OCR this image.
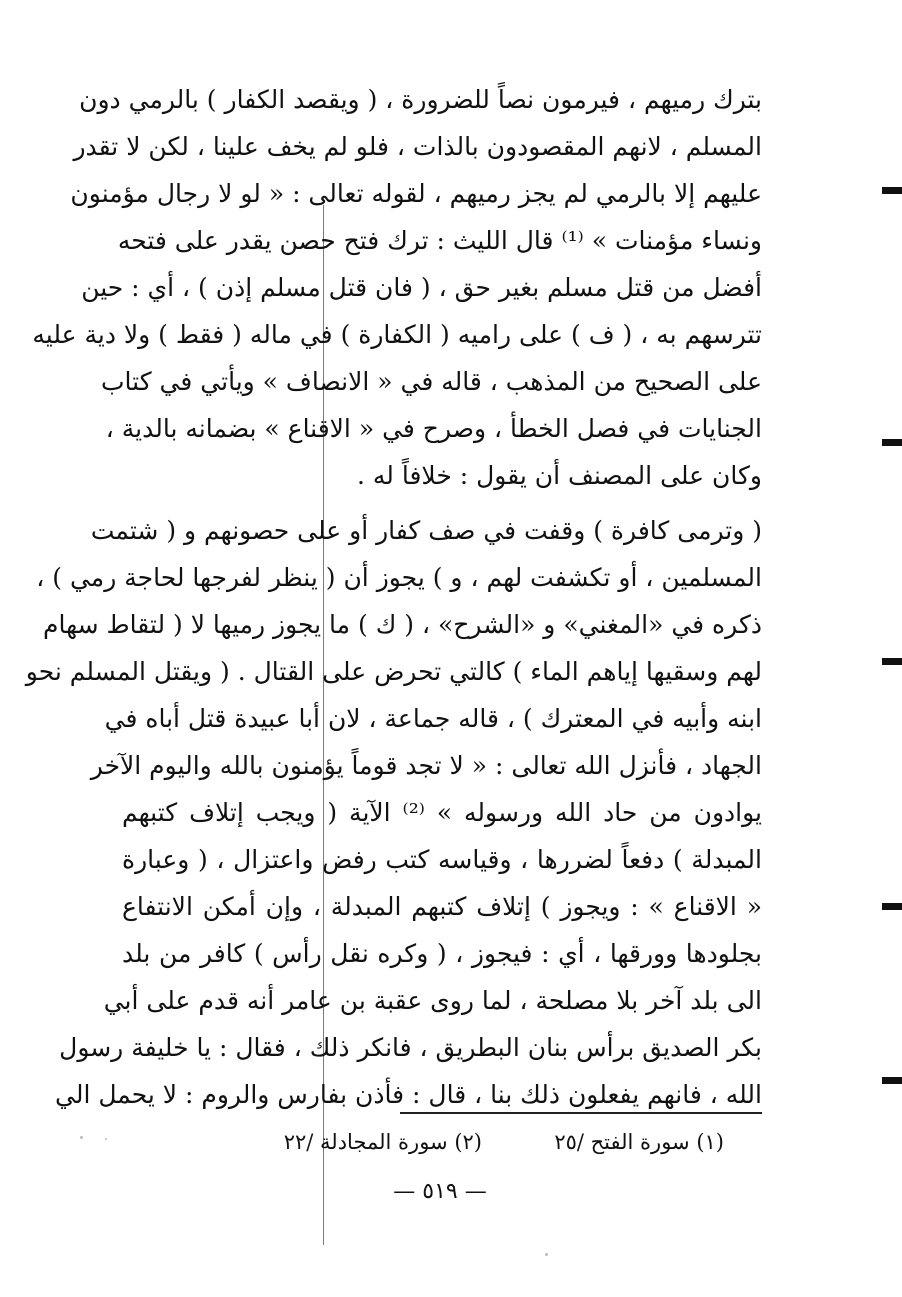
بترك رميهم ، فيرمون نصاً للضرورة ، ( ويقصد الكفار ) بالرمي دون
المسلم ، لانهم المقصودون بالذات ، فلو لم يخف علينا ، لكن لا تقدر
عليهم إلا بالرمي لم يجز رميهم ، لقوله تعالى : « لو لا رجال مؤمنون
ونساء مؤمنات » ⁽¹⁾ قال الليث : ترك فتح حصن يقدر على فتحه
أفضل من قتل مسلم بغير حق ، ( فان قتل مسلم إذن ) ، أي : حين
تترسهم به ، ( ف ) على راميه ( الكفارة ) في ماله ( فقط ) ولا دية عليه
على الصحيح من المذهب ، قاله في « الانصاف » ويأتي في كتاب
الجنايات في فصل الخطأ ، وصرح في « الاقناع » بضمانه بالدية ،
وكان على المصنف أن يقول : خلافاً له .
( وترمى كافرة ) وقفت في صف كفار أو على حصونهم و ( شتمت
المسلمين ، أو تكشفت لهم ، و ) يجوز أن ( ينظر لفرجها لحاجة رمي ) ،
ذكره في «المغني» و «الشرح» ، ( ك ) ما يجوز رميها لا ( لتقاط سهام
لهم وسقيها إياهم الماء ) كالتي تحرض على القتال . ( ويقتل المسلم نحو
ابنه وأبيه في المعترك ) ، قاله جماعة ، لان أبا عبيدة قتل أباه في
الجهاد ، فأنزل الله تعالى : « لا تجد قوماً يؤمنون بالله واليوم الآخر
يوادون من حاد الله ورسوله » ⁽²⁾ الآية ( ويجب إتلاف كتبهم
المبدلة ) دفعاً لضررها ، وقياسه كتب رفض واعتزال ، ( وعبارة
« الاقناع » : ويجوز ) إتلاف كتبهم المبدلة ، وإن أمكن الانتفاع
بجلودها وورقها ، أي : فيجوز ، ( وكره نقل رأس ) كافر من بلد
الى بلد آخر بلا مصلحة ، لما روى عقبة بن عامر أنه قدم على أبي
بكر الصديق برأس بنان البطريق ، فانكر ذلك ، فقال : يا خليفة رسول
الله ، فانهم يفعلون ذلك بنا ، قال : فأذن بفارس والروم : لا يحمل الي
(١) سورة الفتح /٢٥
(٢) سورة المجادلة /٢٢
— ٥١٩ —
